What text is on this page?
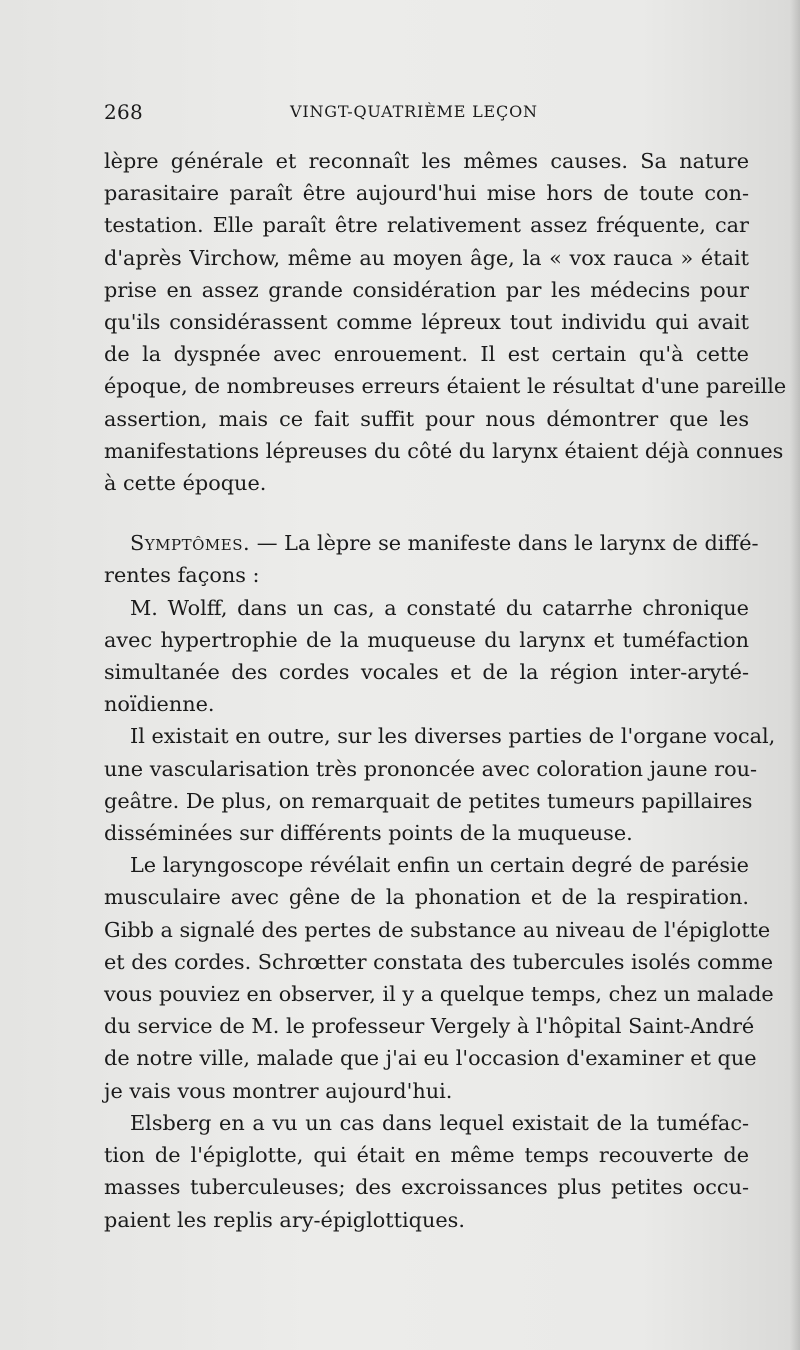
268	VINGT-QUATRIÈME LEÇON
lèpre générale et reconnaît les mêmes causes. Sa nature
parasitaire paraît être aujourd'hui mise hors de toute con-
testation. Elle paraît être relativement assez fréquente, car
d'après Virchow, même au moyen âge, la « vox rauca » était
prise en assez grande considération par les médecins pour
qu'ils considérassent comme lépreux tout individu qui avait
de la dyspnée avec enrouement. Il est certain qu'à cette
époque, de nombreuses erreurs étaient le résultat d'une pareille
assertion, mais ce fait suffit pour nous démontrer que les
manifestations lépreuses du côté du larynx étaient déjà connues
à cette époque.
Symptômes. — La lèpre se manifeste dans le larynx de diffé-
rentes façons :
M. Wolff, dans un cas, a constaté du catarrhe chronique
avec hypertrophie de la muqueuse du larynx et tuméfaction
simultanée des cordes vocales et de la région inter-aryté-
noïdienne.
Il existait en outre, sur les diverses parties de l'organe vocal,
une vascularisation très prononcée avec coloration jaune rou-
geâtre. De plus, on remarquait de petites tumeurs papillaires
disséminées sur différents points de la muqueuse.
Le laryngoscope révélait enfin un certain degré de parésie
musculaire avec gêne de la phonation et de la respiration.
Gibb a signalé des pertes de substance au niveau de l'épiglotte
et des cordes. Schrœtter constata des tubercules isolés comme
vous pouviez en observer, il y a quelque temps, chez un malade
du service de M. le professeur Vergely à l'hôpital Saint-André
de notre ville, malade que j'ai eu l'occasion d'examiner et que
je vais vous montrer aujourd'hui.
Elsberg en a vu un cas dans lequel existait de la tuméfac-
tion de l'épiglotte, qui était en même temps recouverte de
masses tuberculeuses; des excroissances plus petites occu-
paient les replis ary-épiglottiques.
